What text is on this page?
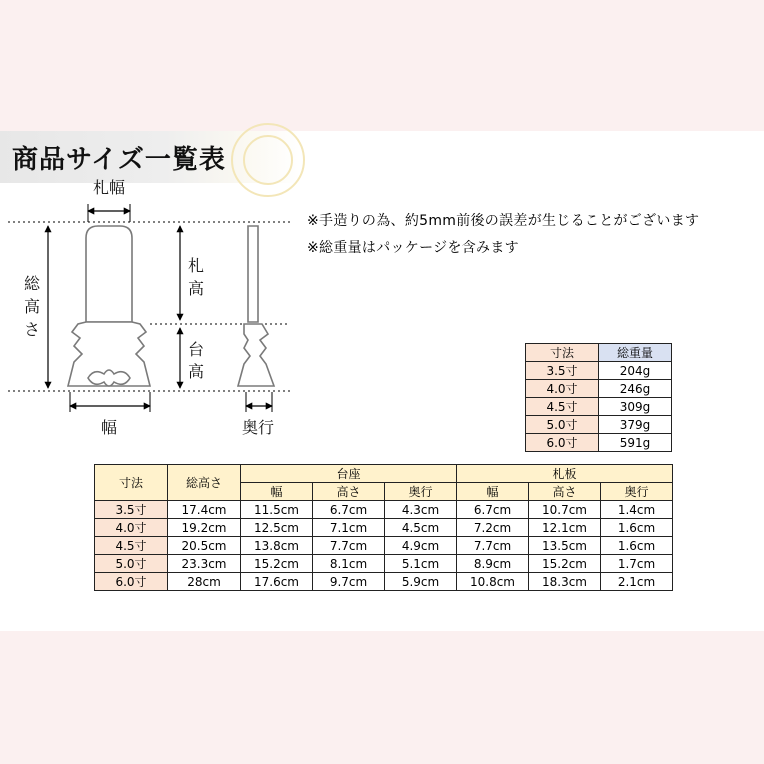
商品サイズ一覧表
札幅
総
高
さ
札
高
台
高
幅	奥行

※手造りの為、約5mm前後の誤差が生じることがございます

※総重量はパッケージを含みます

寸法	総重量
3.5寸	204g
4.0寸	246g
4.5寸	309g
5.0寸	379g
6.0寸	591g
寸法	総高さ	台座			札板		
		幅	高さ	奥行	幅	高さ	奥行
3.5寸	17.4cm	11.5cm	6.7cm	4.3cm	6.7cm	10.7cm	1.4cm
4.0寸	19.2cm	12.5cm	7.1cm	4.5cm	7.2cm	12.1cm	1.6cm
4.5寸	20.5cm	13.8cm	7.7cm	4.9cm	7.7cm	13.5cm	1.6cm
5.0寸	23.3cm	15.2cm	8.1cm	5.1cm	8.9cm	15.2cm	1.7cm
6.0寸	28cm	17.6cm	9.7cm	5.9cm	10.8cm	18.3cm	2.1cm
